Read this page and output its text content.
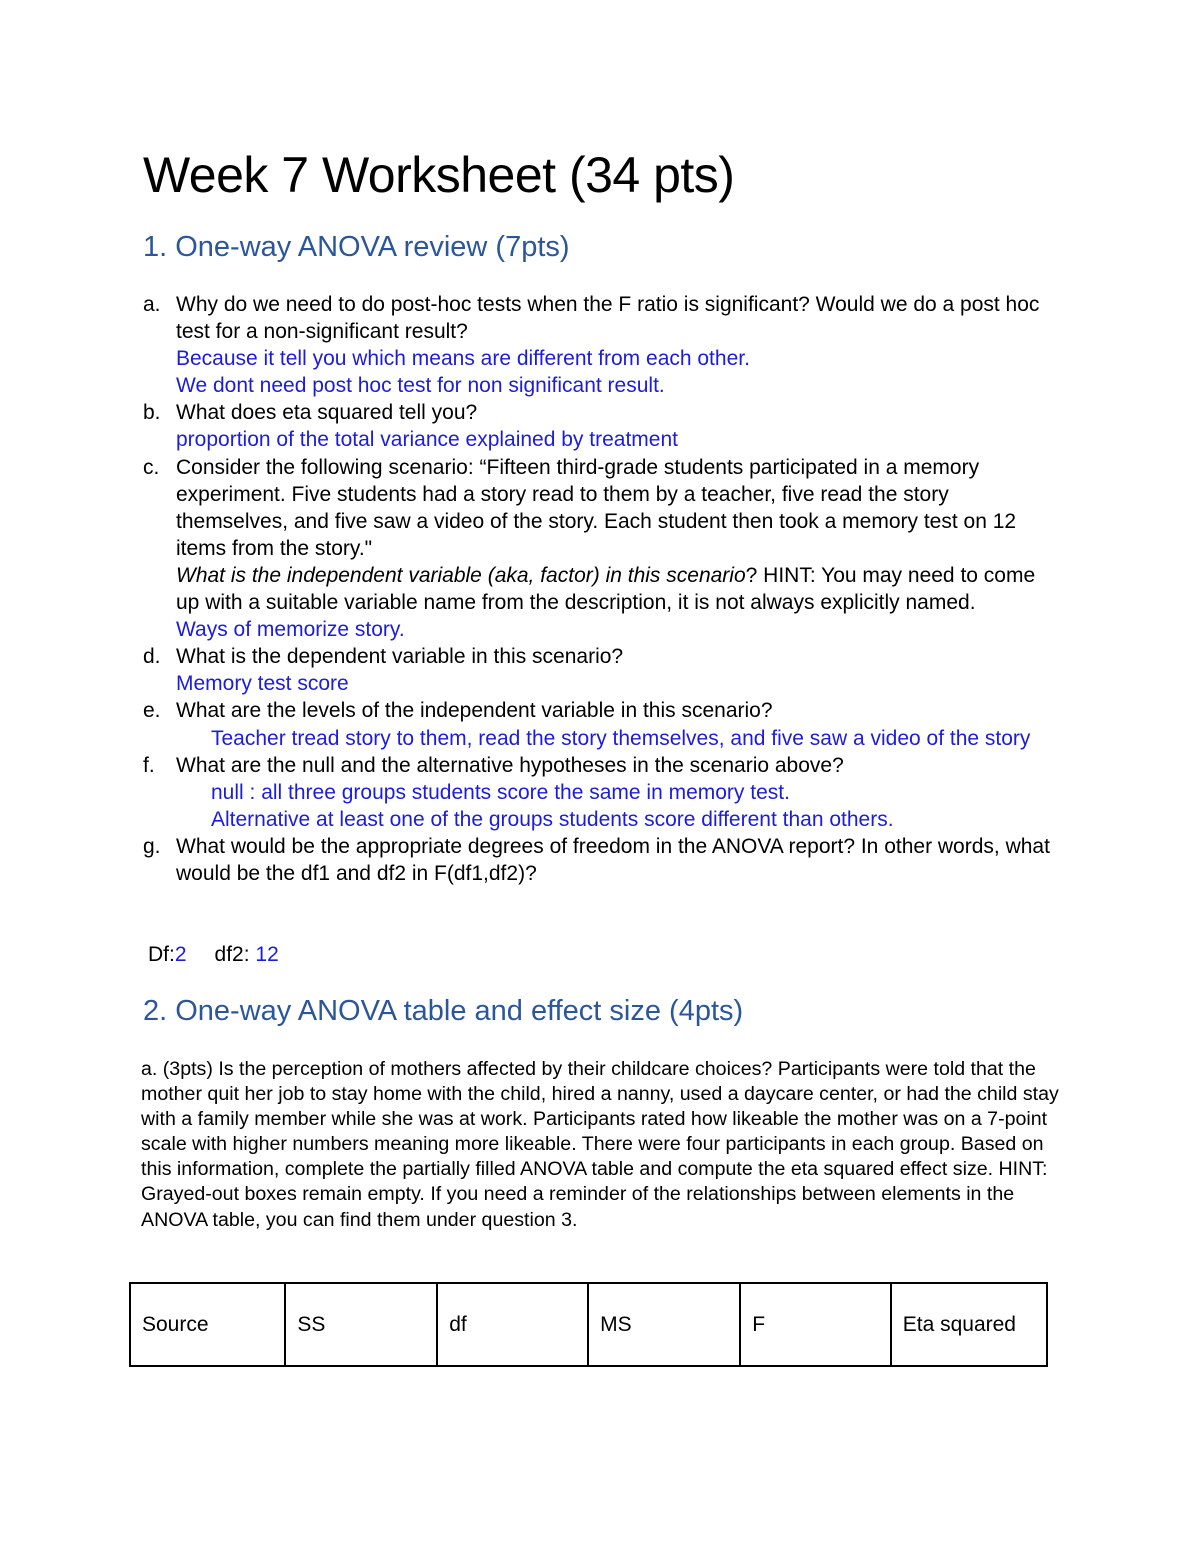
Week 7 Worksheet (34 pts)
1. One-way ANOVA review (7pts)
a. Why do we need to do post-hoc tests when the F ratio is significant? Would we do a post hoc test for a non-significant result?
Because it tell you which means are different from each other.
We dont need post hoc test for non significant result.
b. What does eta squared tell you?
proportion of the total variance explained by treatment
c. Consider the following scenario: “Fifteen third-grade students participated in a memory experiment. Five students had a story read to them by a teacher, five read the story themselves, and five saw a video of the story. Each student then took a memory test on 12 items from the story."
What is the independent variable (aka, factor) in this scenario? HINT: You may need to come up with a suitable variable name from the description, it is not always explicitly named.
Ways of memorize story.
d. What is the dependent variable in this scenario?
Memory test score
e. What are the levels of the independent variable in this scenario?
Teacher tread story to them, read the story themselves, and five saw a video of the story
f. What are the null and the alternative hypotheses in the scenario above?
null : all three groups students score the same in memory test.
Alternative at least one of the groups students score different than others.
g. What would be the appropriate degrees of freedom in the ANOVA report? In other words, what would be the df1 and df2 in F(df1,df2)?
Df:2 df2: 12
2. One-way ANOVA table and effect size (4pts)

a. (3pts) Is the perception of mothers affected by their childcare choices? Participants were told that the mother quit her job to stay home with the child, hired a nanny, used a daycare center, or had the child stay with a family member while she was at work. Participants rated how likeable the mother was on a 7-point scale with higher numbers meaning more likeable. There were four participants in each group. Based on this information, complete the partially filled ANOVA table and compute the eta squared effect size. HINT: Grayed-out boxes remain empty. If you need a reminder of the relationships between elements in the ANOVA table, you can find them under question 3.

Source	SS	df	MS	F	Eta squared
